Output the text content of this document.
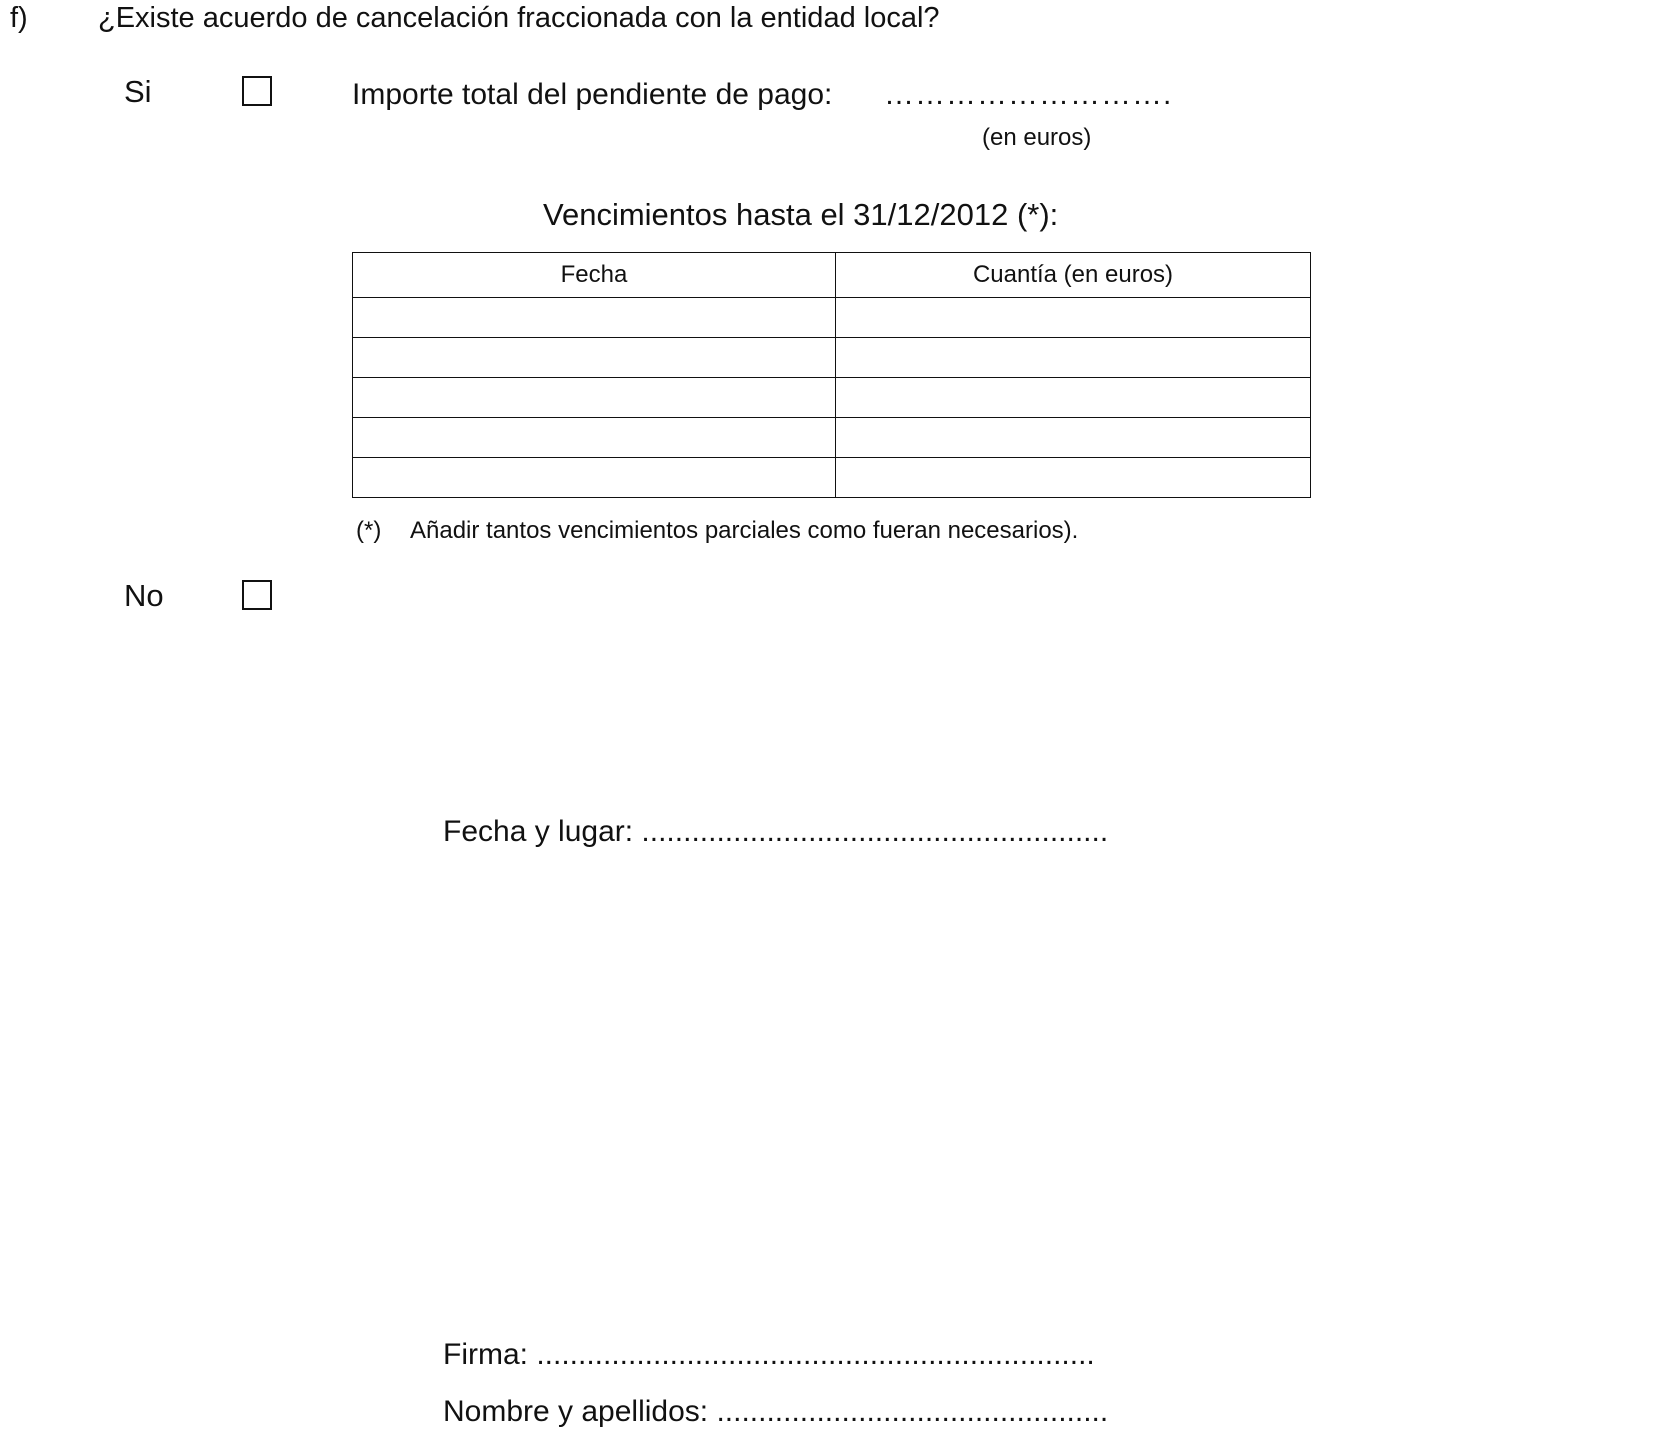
f) ¿Existe acuerdo de cancelación fraccionada con la entidad local?
Si	Importe total del pendiente de pago: ……………………….
(en euros)
Vencimientos hasta el 31/12/2012 (*):
Fecha	Cuantía (en euros)

(*) Añadir tantos vencimientos parciales como fueran necesarios).
No
Fecha y lugar: ........................................................
Firma: ...................................................................
Nombre y apellidos: ...............................................
